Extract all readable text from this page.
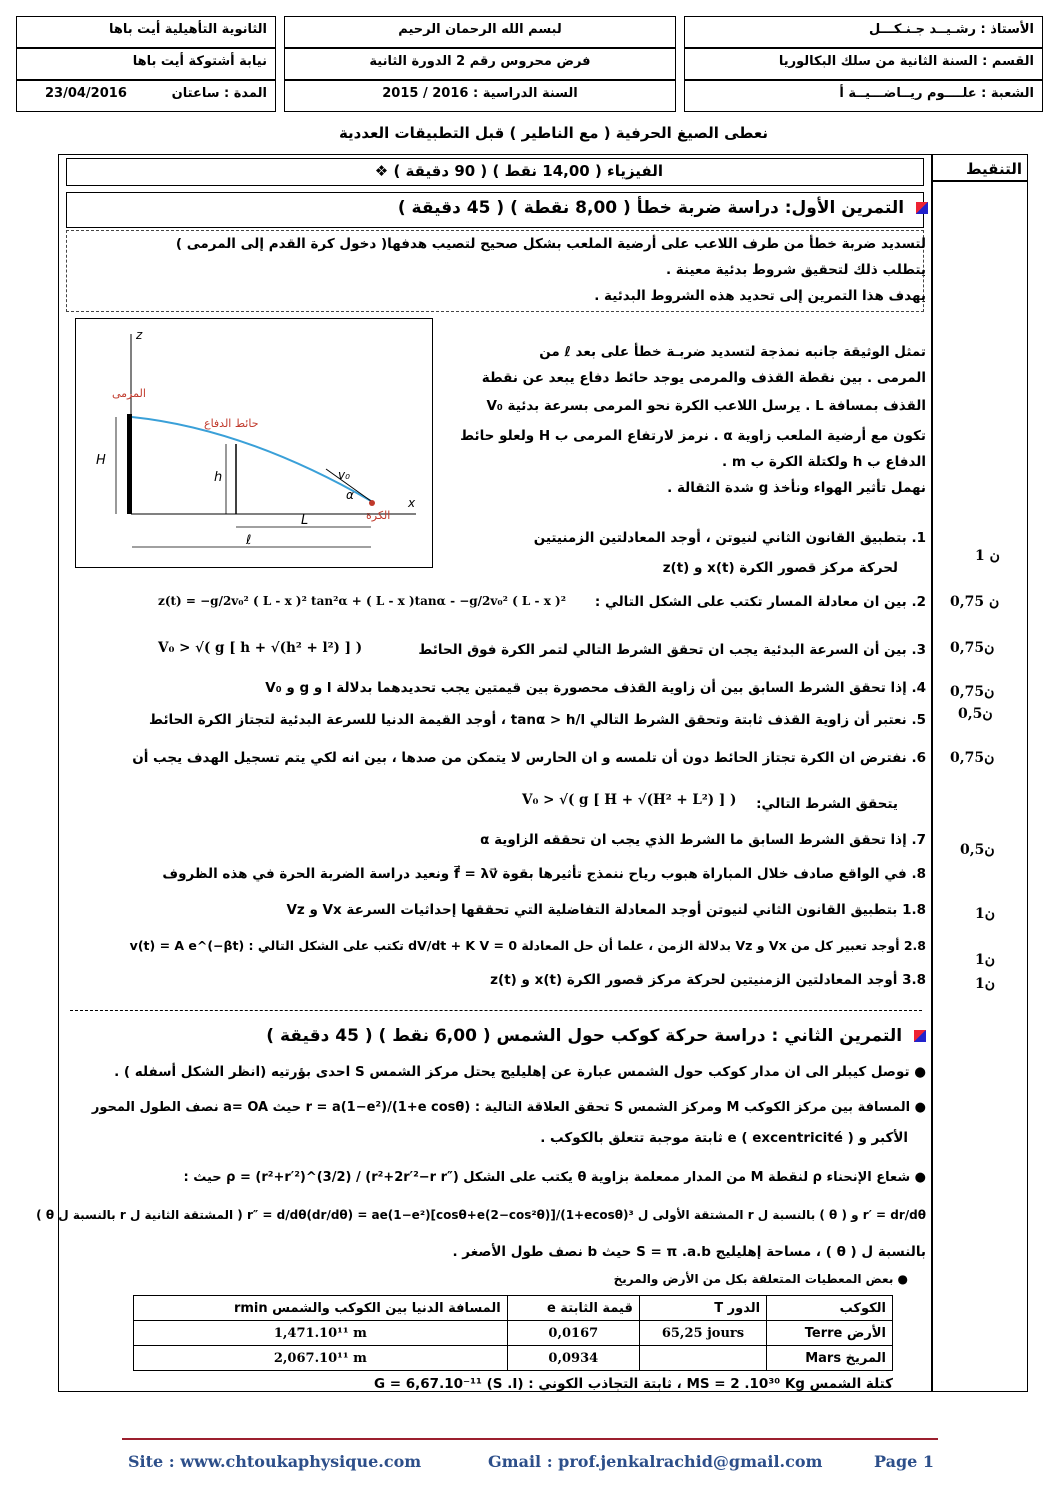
الأستاذ : رشـيــد جـنـكـــل
لبسم الله الرحمان الرحيم
الثانوية التأهيلية أيت باها
القسم : السنة الثانية من سلك البكالوريا
فرض محروس رقم 2 الدورة الثانية
نيابة أشتوكة أيت باها
الشعبة : علــــوم ريــاضـــيــة أ
السنة الدراسية : 2016 / 2015
المدة : ساعتان
23/04/2016
نعطى الصيغ الحرفية ( مع الناطير ) قبل التطبيقات العددية
التنقيط
الفيزياء ( 14,00 نقط ) ( 90 دقيقة ) ❖
التمرين الأول: دراسة ضربة خطأ ( 8,00 نقطة ) ( 45 دقيقة )
لتسديد ضربة خطأ من طرف اللاعب على أرضية الملعب بشكل صحيح لتصيب هدفها( دخول كرة القدم إلى المرمى )
يتطلب ذلك لتحقيق شروط بدئية معينة .
يهدف هذا التمرين إلى تحديد هذه الشروط البدئية .
z
x
H
h
L
ℓ
α
v₀
المرمى
حائط الدفاع
الكرة
تمثل الوثيقة جانبه نمذجة لتسديد ضربـة خطأ على بعد ℓ من
المرمى . بين نقطة القذف والمرمى يوجد حائط دفاع يبعد عن نقطة
القذف بمسافة L . يرسل اللاعب الكرة نحو المرمى بسرعة بدئية V₀
تكون مع أرضية الملعب زاوية α . نرمز لارتفاع المرمى ب H ولعلو حائط
الدفاع ب h ولكتلة الكرة ب m .
نهمل تأثير الهواء ونأخذ g شدة الثقالة .
1. بتطبيق القانون الثاني لنيوتن ، أوجد المعادلتين الزمنيتين
لحركة مركز قصور الكرة x(t) و z(t)
1 ن
2. بين ان معادلة المسار تكتب على الشكل التالي :
z(t) = −g/2v₀² ( L - x )² tan²α + ( L - x )tanα - −g/2v₀² ( L - x )²	0,75 ن
3. بين أن السرعة البدئية يجب ان تحقق الشرط التالي لتمر الكرة فوق الحائط
V₀ > √( g [ h + √(h² + l²) ] )	0,75ن
4. إذا تحقق الشرط السابق بين أن زاوية القذف محصورة بين قيمتين يجب تحديدهما بدلالة l و g و V₀	0,75ن
5. نعتبر أن زاوية القذف ثابتة وتحقق الشرط التالي tanα > h/l ، أوجد القيمة الدنيا للسرعة البدئية لتجتاز الكرة الحائط	0,5ن
6. نفترض ان الكرة تجتاز الحائط دون أن تلمسه و ان الحارس لا يتمكن من صدها ، بين انه لكي يتم تسجيل الهدف يجب أن
يتحقق الشرط التالي:
V₀ > √( g [ H + √(H² + L²) ] )
0,75ن
7. إذا تحقق الشرط السابق ما الشرط الذي يجب ان تحققه الزاوية α
0,5ن
8. في الواقع صادف خلال المباراة هبوب رياح ننمذج تأثيرها بقوة f⃗ = λv⃗ ونعيد دراسة الضربة الحرة في هذه الظروف
1.8 بتطبيق القانون الثاني لنيوتن أوجد المعادلة التفاضلية التي تحققها إحداثيات السرعة Vx و Vz	1ن
2.8 أوجد تعبير كل من Vx و Vz بدلالة الزمن ، علما أن حل المعادلة dV/dt + K V = 0 تكتب على الشكل التالي : v(t) = A e^(−βt)
1ن
3.8 أوجد المعادلتين الزمنيتين لحركة مركز قصور الكرة x(t) و z(t)	1ن
التمرين الثاني : دراسة حركة كوكب حول الشمس ( 6,00 نقط ) ( 45 دقيقة )
● توصل كيبلر الى ان مدار كوكب حول الشمس عبارة عن إهليليج يحتل مركز الشمس S احدى بؤرتيه (انظر الشكل أسفله ) .
● المسافة بين مركز الكوكب M ومركز الشمس S تحقق العلاقة التالية : r = a(1−e²)/(1+e cosθ) حيث a= OA نصف الطول المحور
الأكبر و e ( excentricité ) ثابتة موجبة تتعلق بالكوكب .
● شعاع الإنحناء ρ لنقطة M من المدار ممعلمة بزاوية θ يكتب على الشكل ρ = (r²+r′²)^(3/2) / (r²+2r′²−r r″) حيث :
r′ = dr/dθ و ( θ ) بالنسبة ل r المشتقة الأولى ل r″ = d/dθ(dr/dθ) = ae(1−e²)[cosθ+e(2−cos²θ)]/(1+ecosθ)³ ( المشتقة الثانية ل r بالنسبة ل θ )
بالنسبة ل ( θ ) ، مساحة إهليليج S = π .a.b حيث b نصف طول الأصغر .
● بعض المعطيات المتعلقة بكل من الأرض والمريخ
المسافة الدنيا بين الكوكب والشمس rmin	قيمة الثابتة e	الدور T	الكوكب
1,471.10¹¹ m	0,0167	65,25 jours	الأرض Terre
2,067.10¹¹ m	0,0934		المريخ Mars
كتلة الشمس MS = 2 .10³⁰ Kg ، ثابتة التجاذب الكوني : G = 6,67.10⁻¹¹ (S .I)
Site : www.chtoukaphysique.com	Gmail : prof.jenkalrachid@gmail.com	Page 1
